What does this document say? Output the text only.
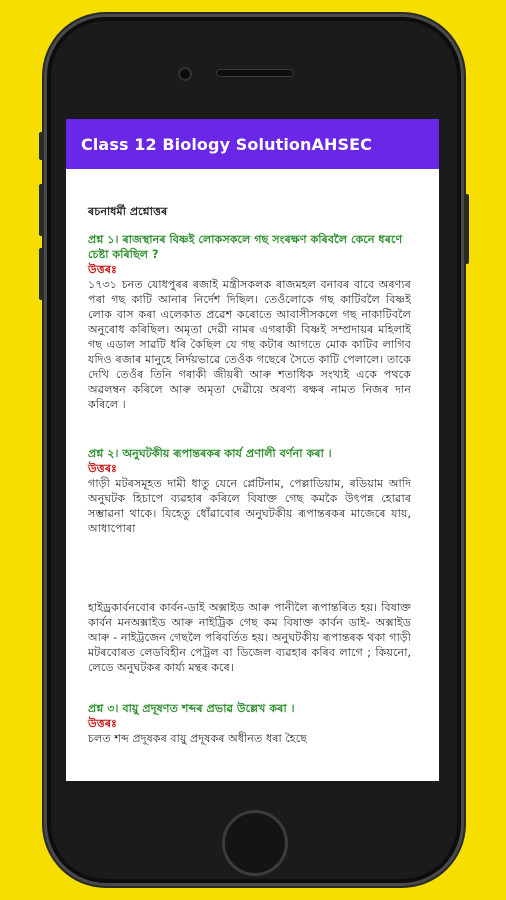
Class 12 Biology SolutionAHSEC
ৰচনাধৰ্মী প্ৰশ্নোত্তৰ
প্ৰশ্ন ১। ৰাজস্থানৰ বিষ্ণই লোকসকলে গছ সংৰক্ষণ কৰিবলৈ কেনে ধৰণে চেষ্টা কৰিছিল ?
উত্তৰঃ
১৭৩১ চনত যোধপুৰৰ ৰজাই মন্ত্ৰীসকলক ৰাজমহল বনাবৰ বাবে অৰণ্যৰ পৰা গছ কাটি আনাৰ নিৰ্দেশ দিছিল। তেওঁলোকে গছ কাটিবলৈ বিষ্ণই লোক বাস কৰা এলেকাত প্ৰৱেশ কৰোতে আবাসীসকলে গছ নাকাটিবলৈ অনুৰোধ কৰিছিল। অমৃতা দেৱী নামৰ এগৰাকী বিষ্ণই সম্প্ৰদায়ৰ মহিলাই গছ এডাল সাৱটি ধৰি কৈছিল যে গছ কটাৰ আগতে মোক কাটিব লাগিব যদিও ৰজাৰ মানুহে নিৰ্দয়ভাৱে তেওঁক গছেৰে সৈতে কাটি পেলালে। তাকে দেখি তেওঁৰ তিনি গৰাকী জীয়ৰী আৰু শতাধিক সংখ্যই একে পথকে অৱলম্বন কৰিলে আৰু অমৃতা দেৱীয়ে অৰণ্য ৰক্ষৰ নামত নিজৰ দান কৰিলে ।
প্ৰশ্ন ২। অনুঘটকীয় ৰূপান্তৰকৰ কাৰ্য প্ৰণালী বৰ্ণনা কৰা ।
উত্তৰঃ
গাড়ী মটৰসমূহত দামী ধাতু যেনে প্লেটিনাম, পেল্লাডিয়াম, ৰডিয়াম আদি অনুঘটক হিচাপে ব্যৱহাৰ কৰিলে বিষাক্ত গেছ কমকৈ উৎপন্ন হোৱাৰ সম্ভাৱনা থাকে। যিহেতু ধোঁৱাবোৰ অনুঘটকীয় ৰূপান্তৰকৰ মাজেৰে যায়, আধাপোৰা
হাইড্ৰকাৰ্বনবোৰ কাৰ্বন-ডাই অক্সাইড আৰু পানীলৈ ৰূপান্তৰিত হয়। বিষাক্ত কাৰ্বন মনঅক্সাইড আৰু নাইট্ৰিক গেছ কম বিষাক্ত কাৰ্বন ডাই- অক্সাইড আৰু - নাইট্ৰজেন গেছলৈ পৰিবৰ্তিত হয়। অনুঘটকীয় ৰূপান্তৰক থকা গাড়ী মটৰবোৰত লেডবিহীন পেট্ৰল বা ডিজেল ব্যৱহাৰ কৰিব লাগে ; কিয়নো, লেডে অনুঘটকৰ কাৰ্য্য মন্থৰ কৰে।
প্ৰশ্ন ৩। বায়ু প্ৰদূষণত শব্দৰ প্ৰভাৱ উল্লেখ কৰা ।
উত্তৰঃ
চলত শব্দ প্ৰদূষকৰ বায়ু প্ৰদূষকৰ অধীনত ধৰা হৈছে
